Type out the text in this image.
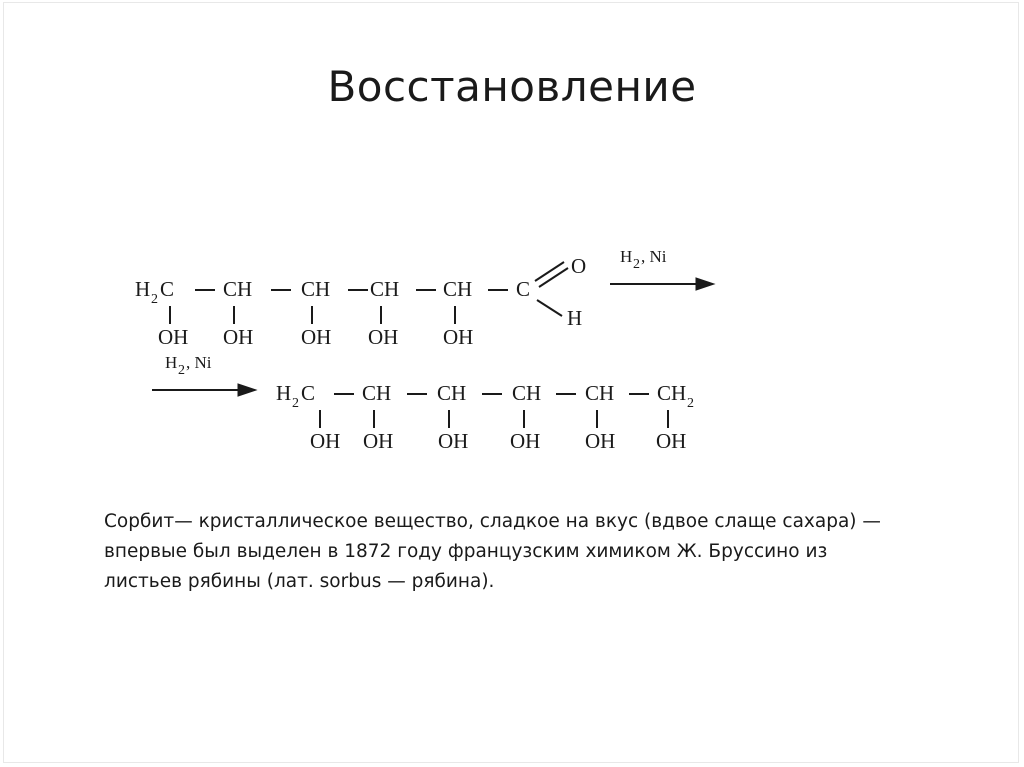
Восстановление
H 2 C
OH
CH
OH
CH
OH
CH
OH
CH
OH
C
O
H
H 2 , Ni
H 2 , Ni
H 2 C
OH
CH
OH
CH
OH
CH
OH
CH
OH
CH 2
OH

Сорбит— кристаллическое вещество, сладкое на вкус (вдвое слаще сахара) —
впервые был выделен в 1872 году французским химиком Ж. Бруссино из
листьев рябины (лат. sorbus — рябина).
